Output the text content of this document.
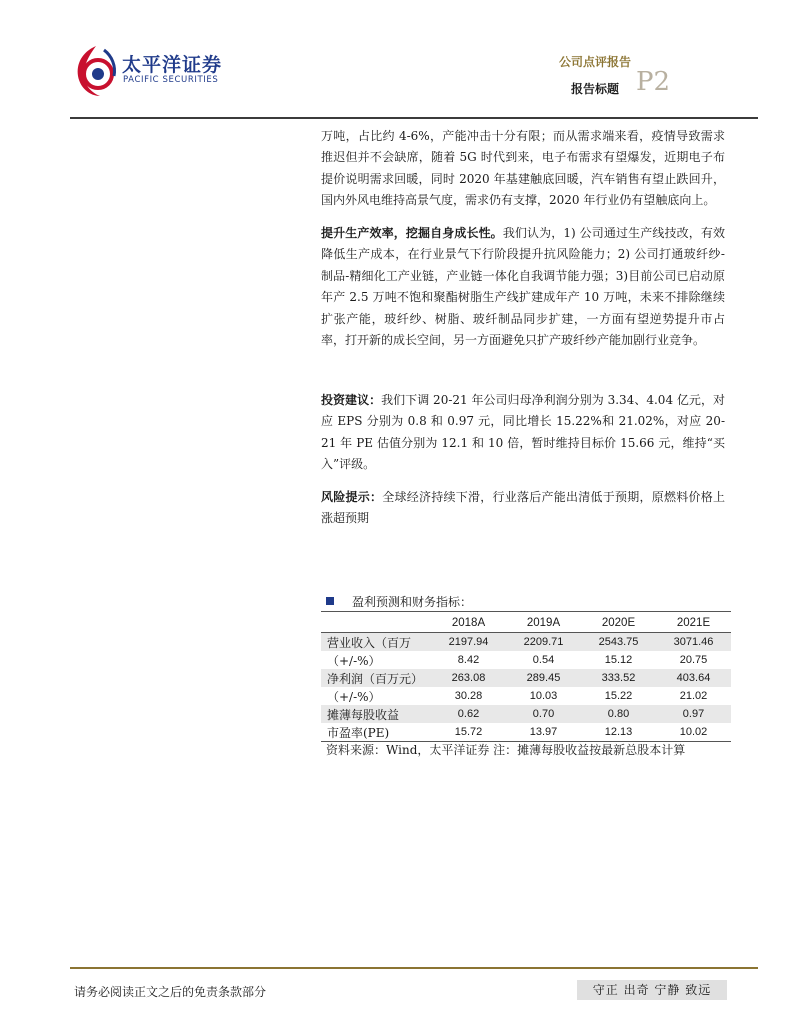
太平洋证券
PACIFIC SECURITIES
公司点评报告
报告标题 P2
万吨，占比约 4-6%，产能冲击十分有限；而从需求端来看，疫情导致需求推迟但并不会缺席，随着 5G 时代到来，电子布需求有望爆发，近期电子布提价说明需求回暖，同时 2020 年基建触底回暖，汽车销售有望止跌回升，国内外风电维持高景气度，需求仍有支撑，2020 年行业仍有望触底向上。
提升生产效率，挖掘自身成长性。我们认为，1) 公司通过生产线技改，有效降低生产成本，在行业景气下行阶段提升抗风险能力；2) 公司打通玻纤纱-制品-精细化工产业链，产业链一体化自我调节能力强；3)目前公司已启动原年产 2.5 万吨不饱和聚酯树脂生产线扩建成年产 10 万吨，未来不排除继续扩张产能，玻纤纱、树脂、玻纤制品同步扩建，一方面有望逆势提升市占率，打开新的成长空间，另一方面避免只扩产玻纤纱产能加剧行业竞争。
投资建议：我们下调 20-21 年公司归母净利润分别为 3.34、4.04 亿元，对应 EPS 分别为 0.8 和 0.97 元，同比增长 15.22%和 21.02%，对应 20-21 年 PE 估值分别为 12.1 和 10 倍，暂时维持目标价 15.66 元，维持“买入”评级。
风险提示：全球经济持续下滑，行业落后产能出清低于预期，原燃料价格上涨超预期
盈利预测和财务指标：
	2018A	2019A	2020E	2021E
营业收入（百万	2197.94	2209.71	2543.75	3071.46
（+/-%）	8.42	0.54	15.12	20.75
净利润（百万元）	263.08	289.45	333.52	403.64
（+/-%）	30.28	10.03	15.22	21.02
摊薄每股收益	0.62	0.70	0.80	0.97
市盈率(PE)	15.72	13.97	12.13	10.02
资料来源：Wind，太平洋证券 注：摊薄每股收益按最新总股本计算
请务必阅读正文之后的免责条款部分	守正 出奇 宁静 致远
